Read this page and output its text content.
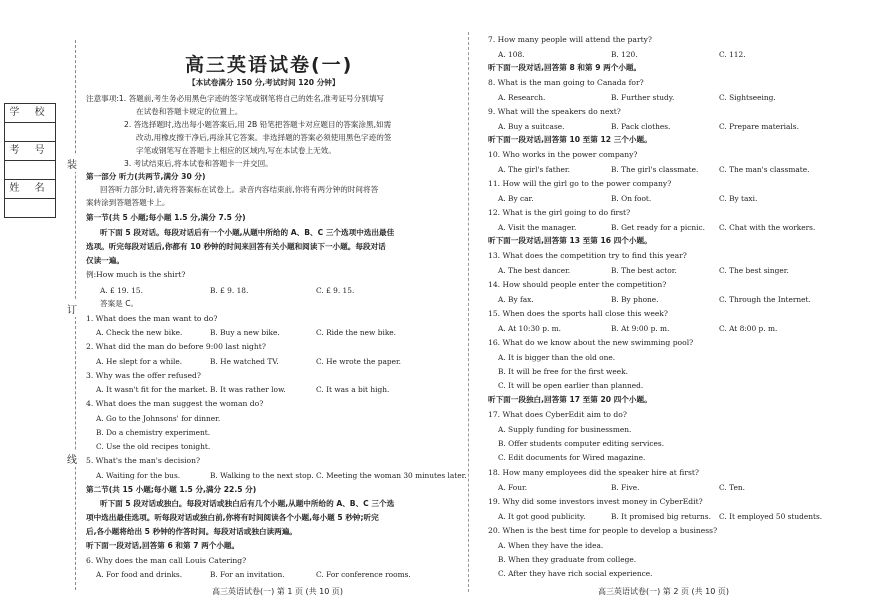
学 校
考 号
姓 名
装
订
线
高三英语试卷(一)
【本试卷满分 150 分,考试时间 120 分钟】
注意事项:1. 答题前,考生务必用黑色字迹的签字笔或钢笔将自己的姓名,准考证号分别填写
在试卷和答题卡规定的位置上。
2. 答选择题时,选出每小题答案后,用 2B 铅笔把答题卡对应题目的答案涂黑,如需
改动,用橡皮擦干净后,再涂其它答案。非选择题的答案必须使用黑色字迹的签
字笔或钢笔写在答题卡上相应的区域内,写在本试卷上无效。
3. 考试结束后,将本试卷和答题卡一并交回。
第一部分 听力(共两节,满分 30 分)
回答听力部分时,请先将答案标在试卷上。录音内容结束前,你将有两分钟的时间将答
案转涂到答题答题卡上。
第一节(共 5 小题;每小题 1.5 分,满分 7.5 分)
听下面 5 段对话。每段对话后有一个小题,从题中所给的 A、B、C 三个选项中选出最佳
选项。听完每段对话后,你都有 10 秒钟的时间来回答有关小题和阅读下一小题。每段对话
仅读一遍。
例:How much is the shirt?
A. £ 19. 15.	B. £ 9. 18.	C. £ 9. 15.
答案是 C。
1. What does the man want to do?
A. Check the new bike.	B. Buy a new bike.	C. Ride the new bike.
2. What did the man do before 9:00 last night?
A. He slept for a while.	B. He watched TV.	C. He wrote the paper.
3. Why was the offer refused?
A. It wasn't fit for the market. B. It was rather low.	C. It was a bit high.
4. What does the man suggest the woman do?
A. Go to the Johnsons' for dinner.
B. Do a chemistry experiment.
C. Use the old recipes tonight.
5. What's the man's decision?
A. Waiting for the bus.	B. Walking to the next stop. C. Meeting the woman 30 minutes later.
第二节(共 15 小题;每小题 1.5 分,满分 22.5 分)
听下面 5 段对话或独白。每段对话或独白后有几个小题,从题中所给的 A、B、C 三个选
项中选出最佳选项。听每段对话或独白前,你将有时间阅读各个小题,每小题 5 秒钟;听完
后,各小题将给出 5 秒钟的作答时间。每段对话或独白读两遍。
听下面一段对话,回答第 6 和第 7 两个小题。
6. Why does the man call Louis Catering?
A. For food and drinks.	B. For an invitation.	C. For conference rooms.
高三英语试卷(一) 第 1 页 (共 10 页)
7. How many people will attend the party?
A. 108.	B. 120.	C. 112.
听下面一段对话,回答第 8 和第 9 两个小题。
8. What is the man going to Canada for?
A. Research.	B. Further study.	C. Sightseeing.
9. What will the speakers do next?
A. Buy a suitcase.	B. Pack clothes.	C. Prepare materials.
听下面一段对话,回答第 10 至第 12 三个小题。
10. Who works in the power company?
A. The girl's father.	B. The girl's classmate.	C. The man's classmate.
11. How will the girl go to the power company?
A. By car.	B. On foot.	C. By taxi.
12. What is the girl going to do first?
A. Visit the manager.	B. Get ready for a picnic. C. Chat with the workers.
听下面一段对话,回答第 13 至第 16 四个小题。
13. What does the competition try to find this year?
A. The best dancer.	B. The best actor.	C. The best singer.
14. How should people enter the competition?
A. By fax.	B. By phone.	C. Through the Internet.
15. When does the sports hall close this week?
A. At 10:30 p. m.	B. At 9:00 p. m.	C. At 8:00 p. m.
16. What do we know about the new swimming pool?
A. It is bigger than the old one.
B. It will be free for the first week.
C. It will be open earlier than planned.
听下面一段独白,回答第 17 至第 20 四个小题。
17. What does CyberEdit aim to do?
A. Supply funding for businessmen.
B. Offer students computer editing services.
C. Edit documents for Wired magazine.
18. How many employees did the speaker hire at first?
A. Four.	B. Five.	C. Ten.
19. Why did some investors invest money in CyberEdit?
A. It got good publicity.	B. It promised big returns. C. It employed 50 students.
20. When is the best time for people to develop a business?
A. When they have the idea.
B. When they graduate from college.
C. After they have rich social experience.
高三英语试卷(一) 第 2 页 (共 10 页)
